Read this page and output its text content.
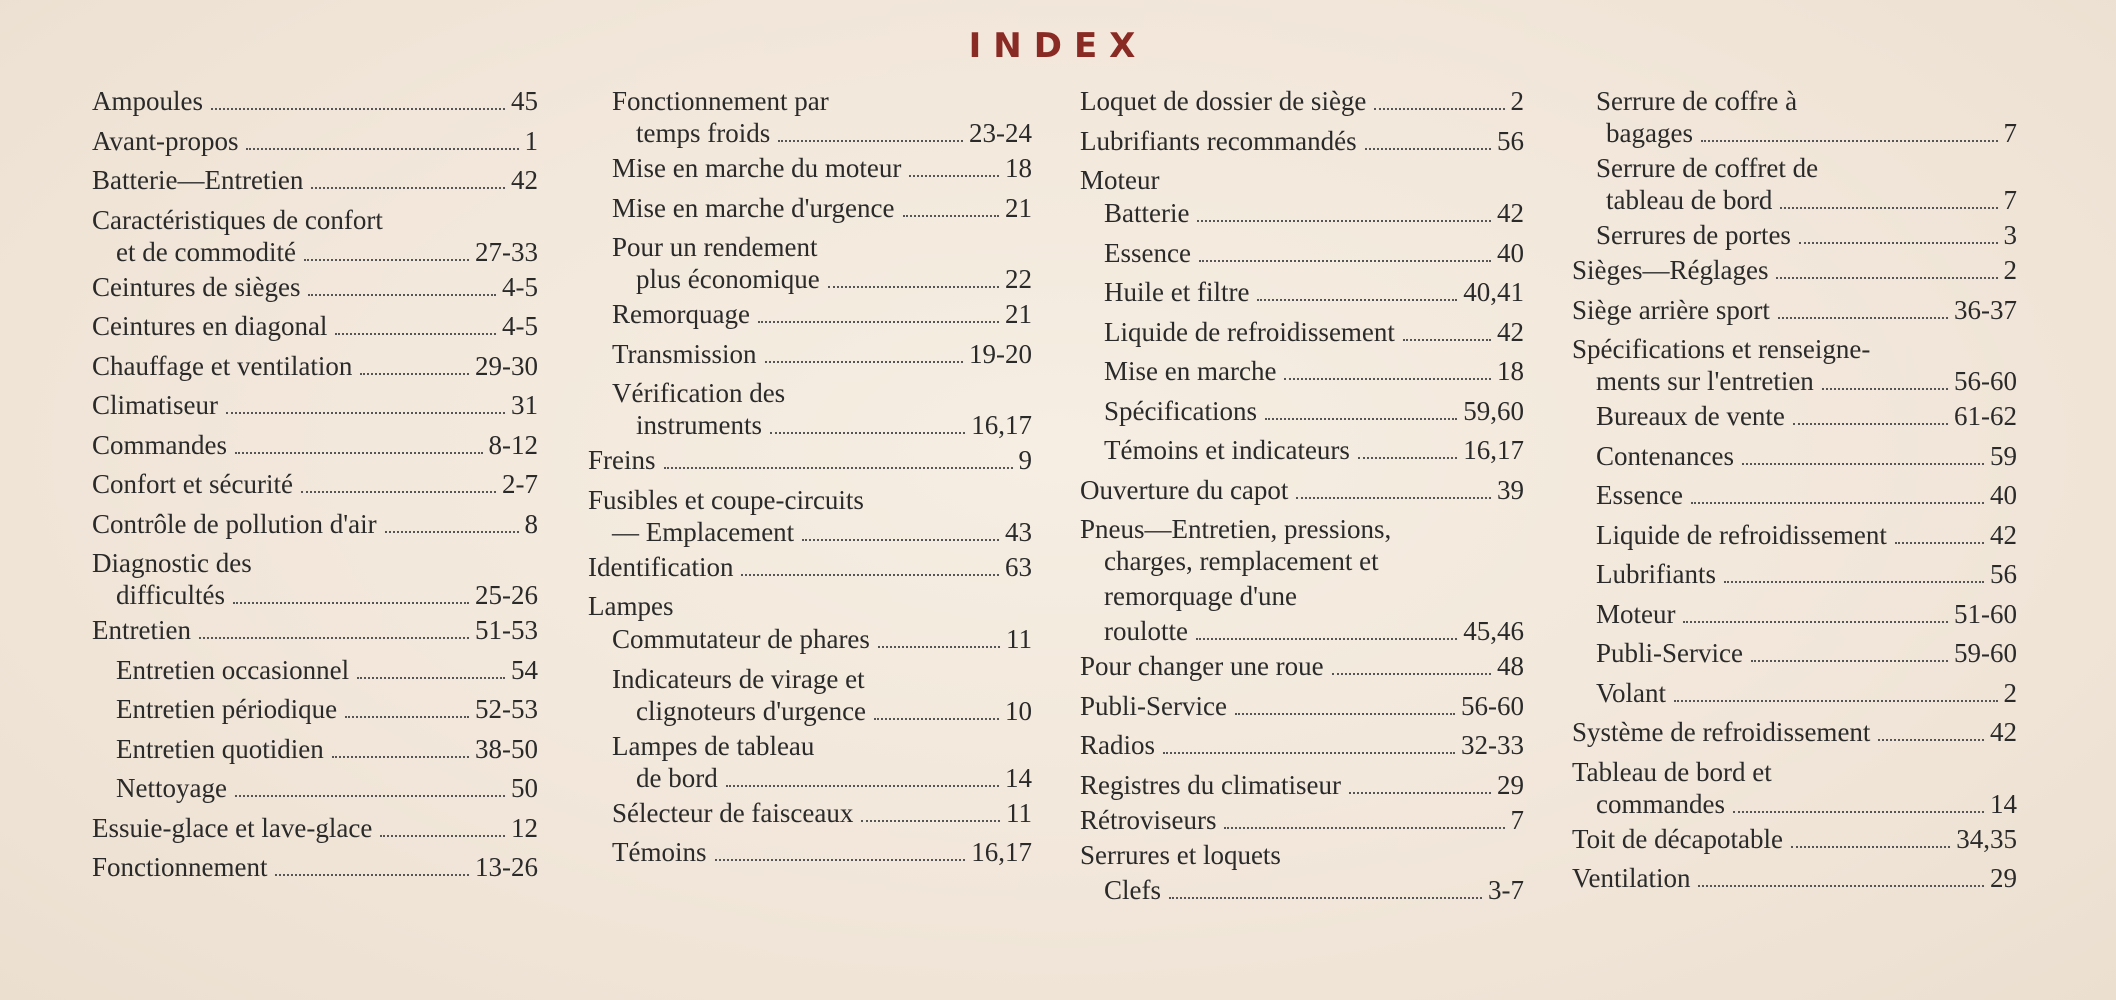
INDEX
Ampoules	45
Avant-propos	1
Batterie—Entretien	42
Caractéristiques de confort
et de commodité	27-33
Ceintures de sièges	4-5
Ceintures en diagonal	4-5
Chauffage et ventilation	29-30
Climatiseur	31
Commandes	8-12
Confort et sécurité	2-7
Contrôle de pollution d'air	8
Diagnostic des
difficultés	25-26
Entretien	51-53
Entretien occasionnel	54
Entretien périodique	52-53
Entretien quotidien	38-50
Nettoyage	50
Essuie-glace et lave-glace	12
Fonctionnement	13-26
Fonctionnement par
temps froids	23-24
Mise en marche du moteur	18
Mise en marche d'urgence	21
Pour un rendement
plus économique	22
Remorquage	21
Transmission	19-20
Vérification des
instruments	16,17
Freins	9
Fusibles et coupe-circuits
— Emplacement	43
Identification	63
Lampes
Commutateur de phares	11
Indicateurs de virage et
clignoteurs d'urgence	10
Lampes de tableau
de bord	14
Sélecteur de faisceaux	11
Témoins	16,17
Loquet de dossier de siège	2
Lubrifiants recommandés	56
Moteur
Batterie	42
Essence	40
Huile et filtre	40,41
Liquide de refroidissement	42
Mise en marche	18
Spécifications	59,60
Témoins et indicateurs	16,17
Ouverture du capot	39
Pneus—Entretien, pressions,
charges, remplacement et
remorquage d'une
roulotte	45,46
Pour changer une roue	48
Publi-Service	56-60
Radios	32-33
Registres du climatiseur	29
Rétroviseurs	7
Serrures et loquets
Clefs	3-7
Serrure de coffre à
bagages	7
Serrure de coffret de
tableau de bord	7
Serrures de portes	3
Sièges—Réglages	2
Siège arrière sport	36-37
Spécifications et renseigne-
ments sur l'entretien	56-60
Bureaux de vente	61-62
Contenances	59
Essence	40
Liquide de refroidissement	42
Lubrifiants	56
Moteur	51-60
Publi-Service	59-60
Volant	2
Système de refroidissement	42
Tableau de bord et
commandes	14
Toit de décapotable	34,35
Ventilation	29
